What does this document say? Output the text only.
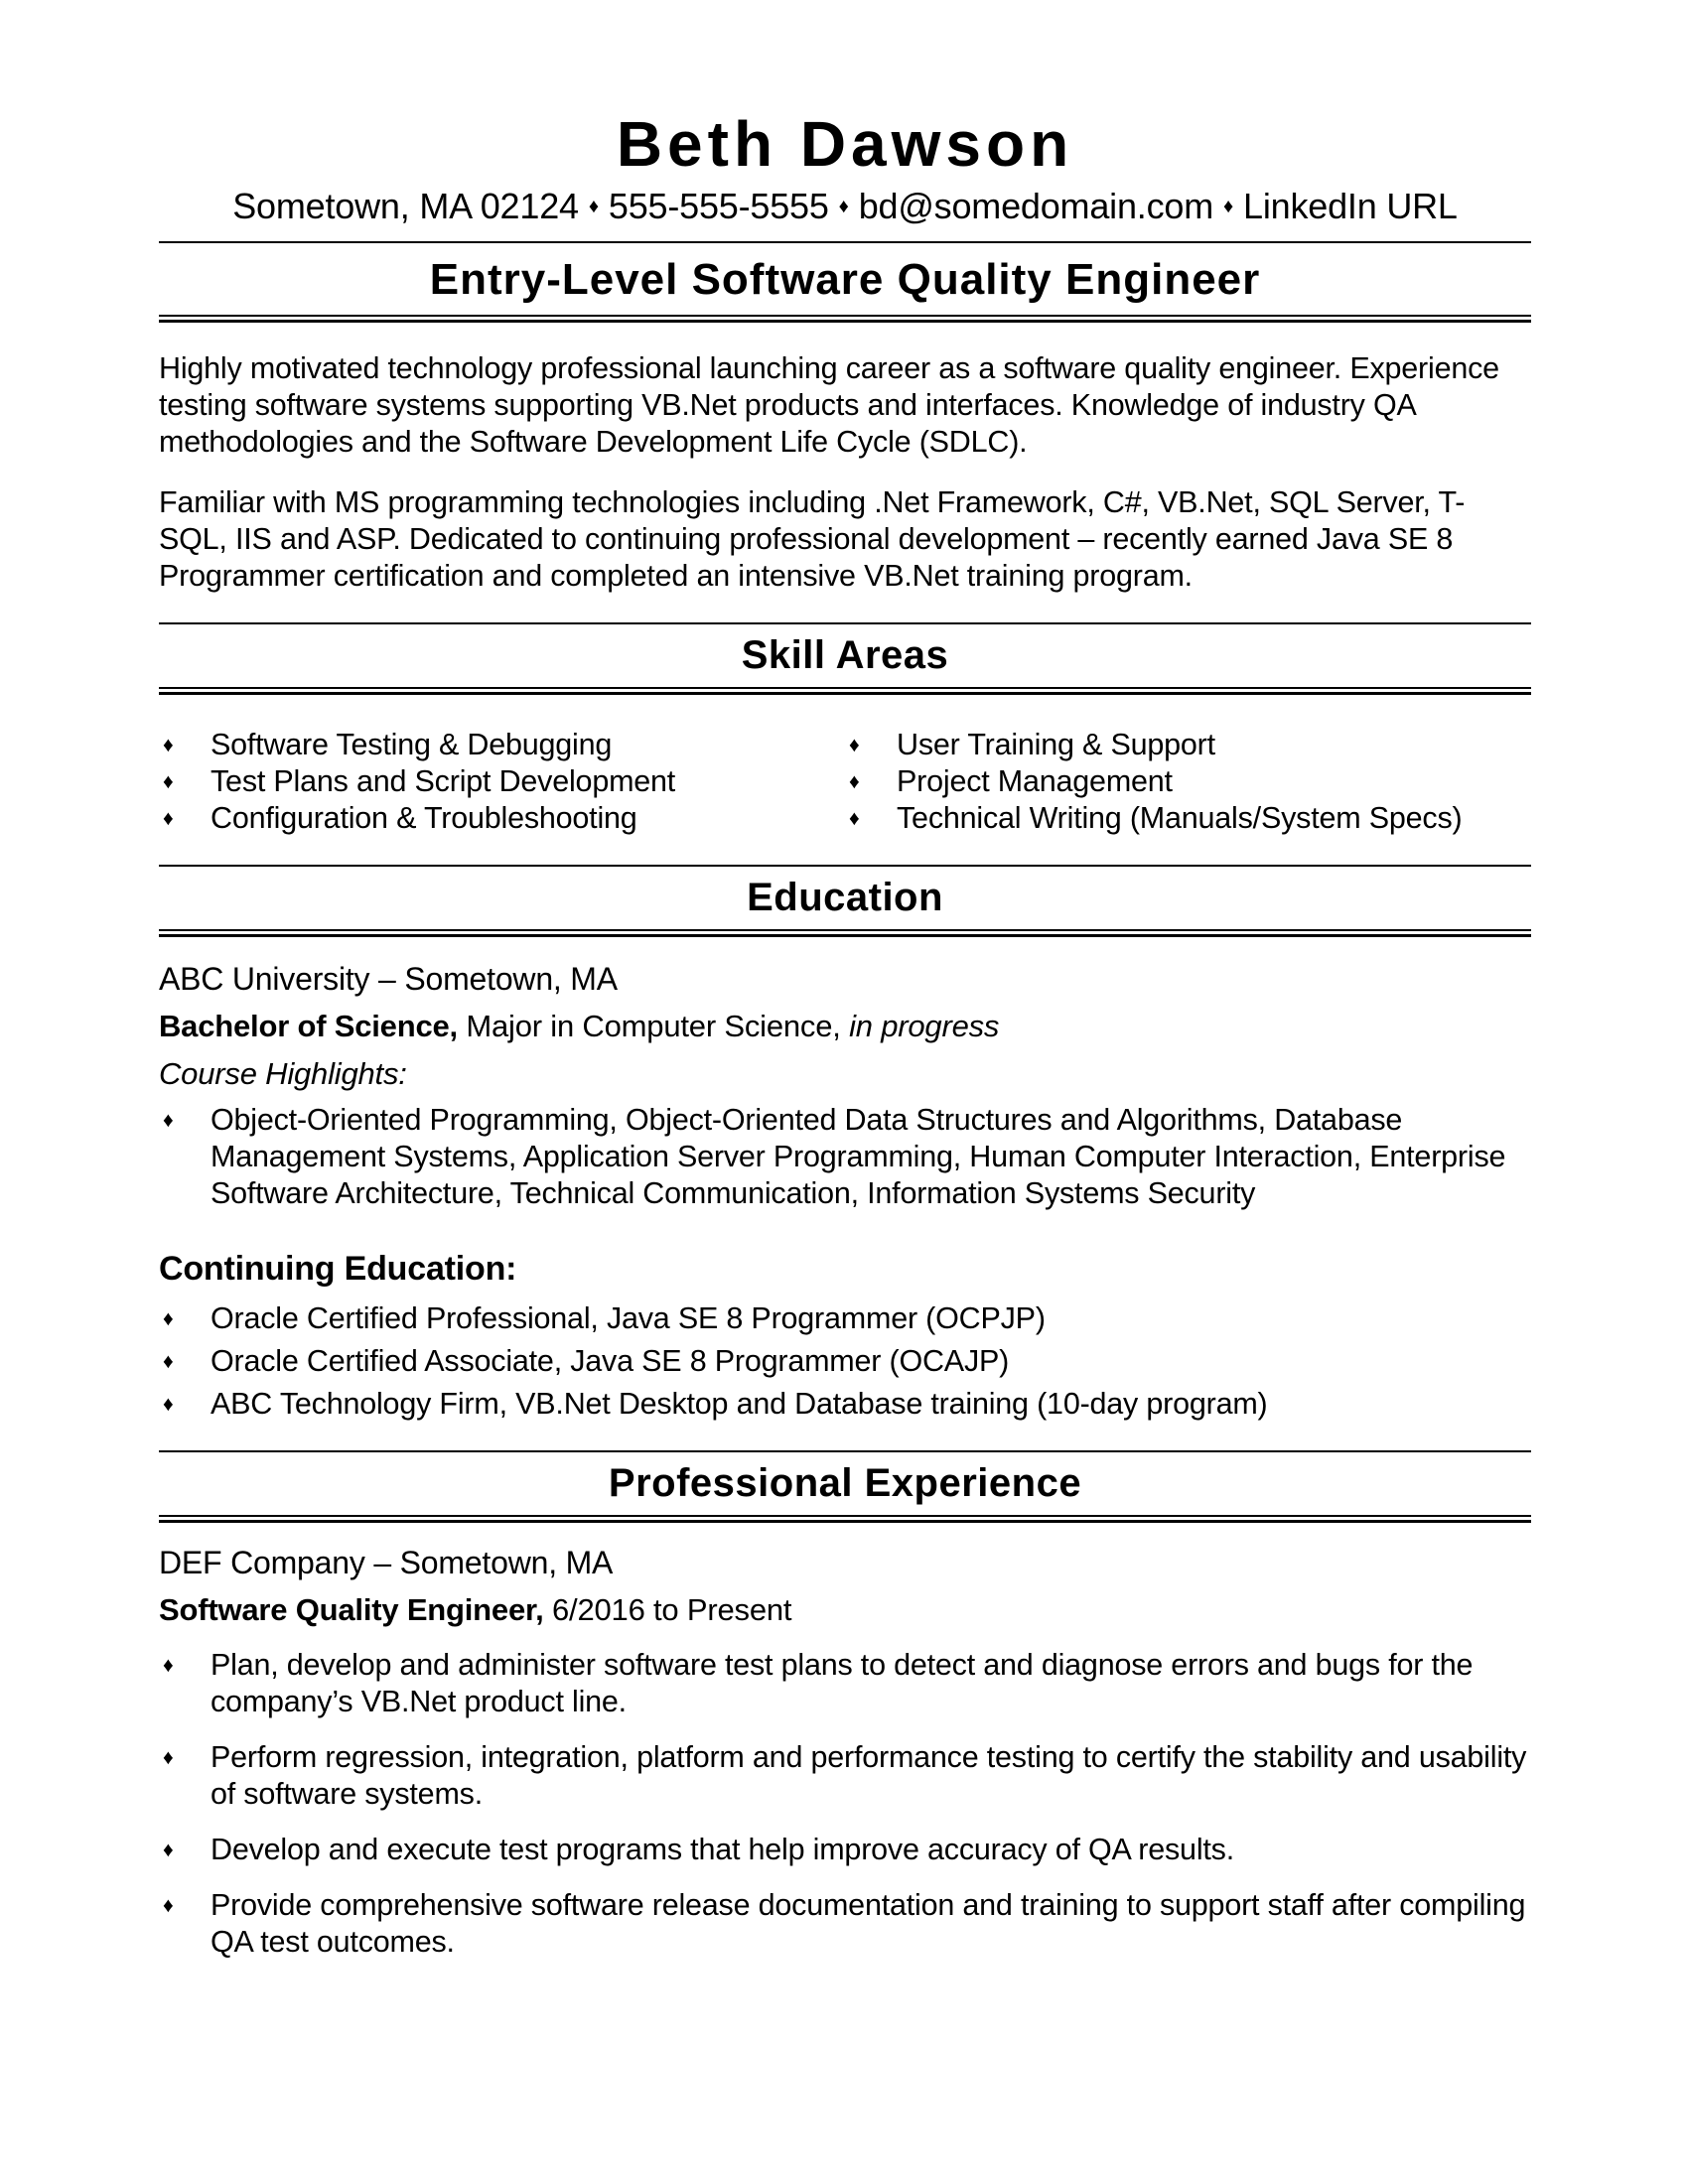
Beth Dawson
Sometown, MA 02124 ♦ 555-555-5555 ♦ bd@somedomain.com ♦ LinkedIn URL
Entry-Level Software Quality Engineer

Highly motivated technology professional launching career as a software quality engineer. Experience testing software systems supporting VB.Net products and interfaces. Knowledge of industry QA methodologies and the Software Development Life Cycle (SDLC).

Familiar with MS programming technologies including .Net Framework, C#, VB.Net, SQL Server, T-SQL, IIS and ASP. Dedicated to continuing professional development – recently earned Java SE 8 Programmer certification and completed an intensive VB.Net training program.

Skill Areas
♦	Software Testing & Debugging
♦	Test Plans and Script Development
♦	Configuration & Troubleshooting
♦	User Training & Support
♦	Project Management
♦	Technical Writing (Manuals/System Specs)
Education

ABC University – Sometown, MA

Bachelor of Science, Major in Computer Science, in progress

Course Highlights:

♦	Object-Oriented Programming, Object-Oriented Data Structures and Algorithms, Database Management Systems, Application Server Programming, Human Computer Interaction, Enterprise Software Architecture, Technical Communication, Information Systems Security

Continuing Education:

♦	Oracle Certified Professional, Java SE 8 Programmer (OCPJP)
♦	Oracle Certified Associate, Java SE 8 Programmer (OCAJP)
♦	ABC Technology Firm, VB.Net Desktop and Database training (10-day program)
Professional Experience

DEF Company – Sometown, MA

Software Quality Engineer, 6/2016 to Present

♦	Plan, develop and administer software test plans to detect and diagnose errors and bugs for the company’s VB.Net product line.
♦	Perform regression, integration, platform and performance testing to certify the stability and usability of software systems.
♦	Develop and execute test programs that help improve accuracy of QA results.
♦	Provide comprehensive software release documentation and training to support staff after compiling QA test outcomes.
